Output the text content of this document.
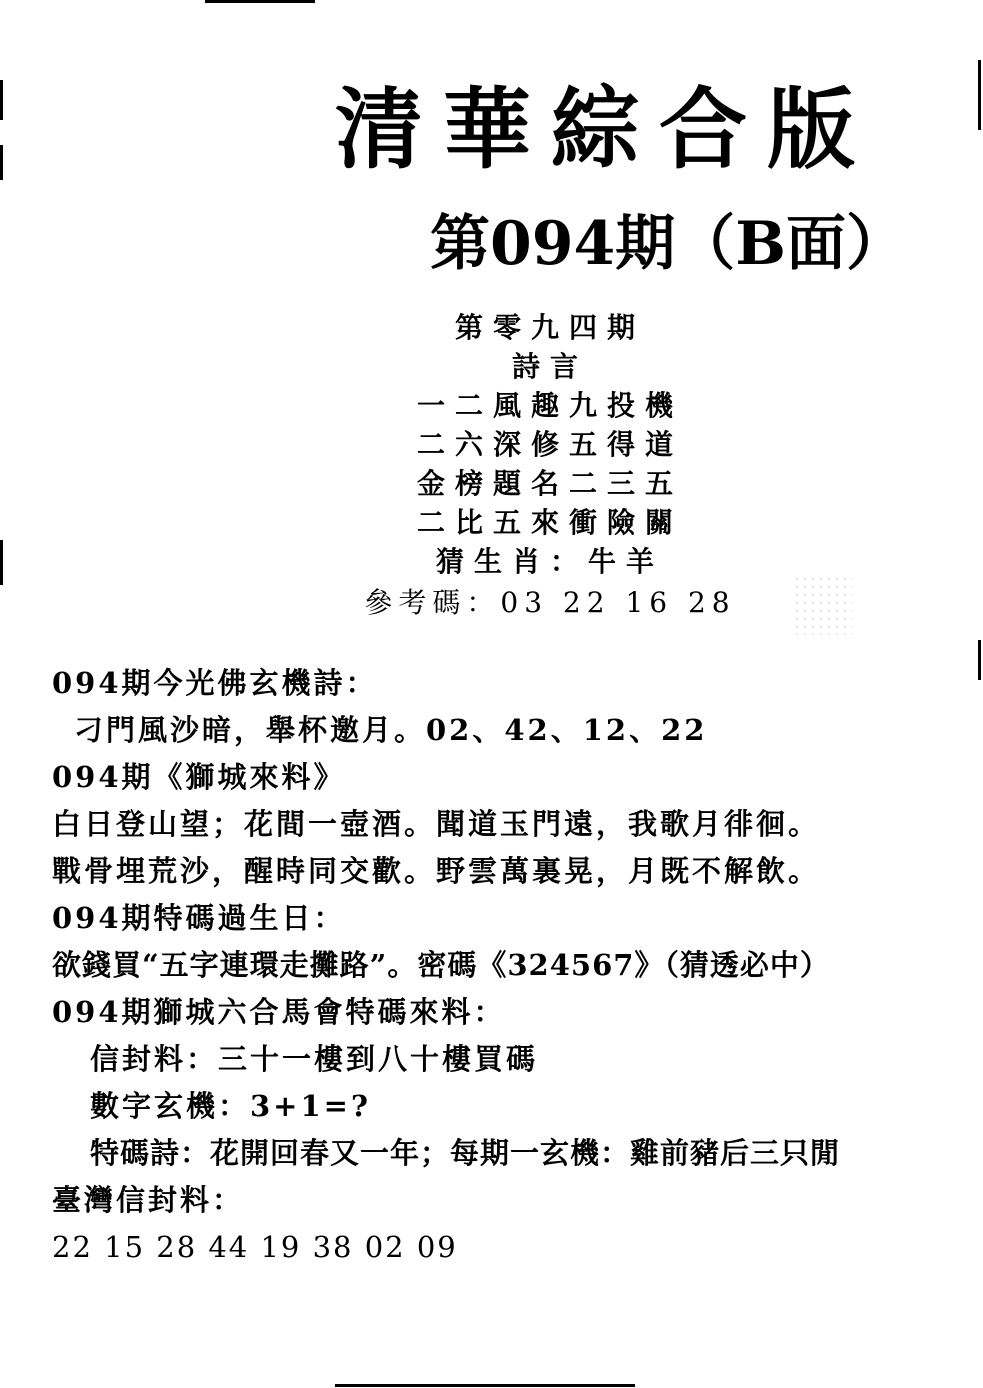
清華綜合版
第094期（B面）
第零九四期
詩言
一二風趣九投機
二六深修五得道
金榜題名二三五
二比五來衝險關
猜生肖：牛羊
參考碼：03 22 16 28
094期今光佛玄機詩：
刁門風沙暗，舉杯邀月。02、42、12、22
094期《獅城來料》
白日登山望；花間一壺酒。聞道玉門遠，我歌月徘徊。
戰骨埋荒沙，醒時同交歡。野雲萬裏晃，月既不解飲。
094期特碼過生日：
欲錢買“五字連環走攤路”。密碼《324567》（猜透必中）
094期獅城六合馬會特碼來料：
信封料：三十一樓到八十樓買碼
數字玄機：3+1=?
特碼詩：花開回春又一年；每期一玄機：雞前豬后三只閒
臺灣信封料：
22 15 28 44 19 38 02 09
